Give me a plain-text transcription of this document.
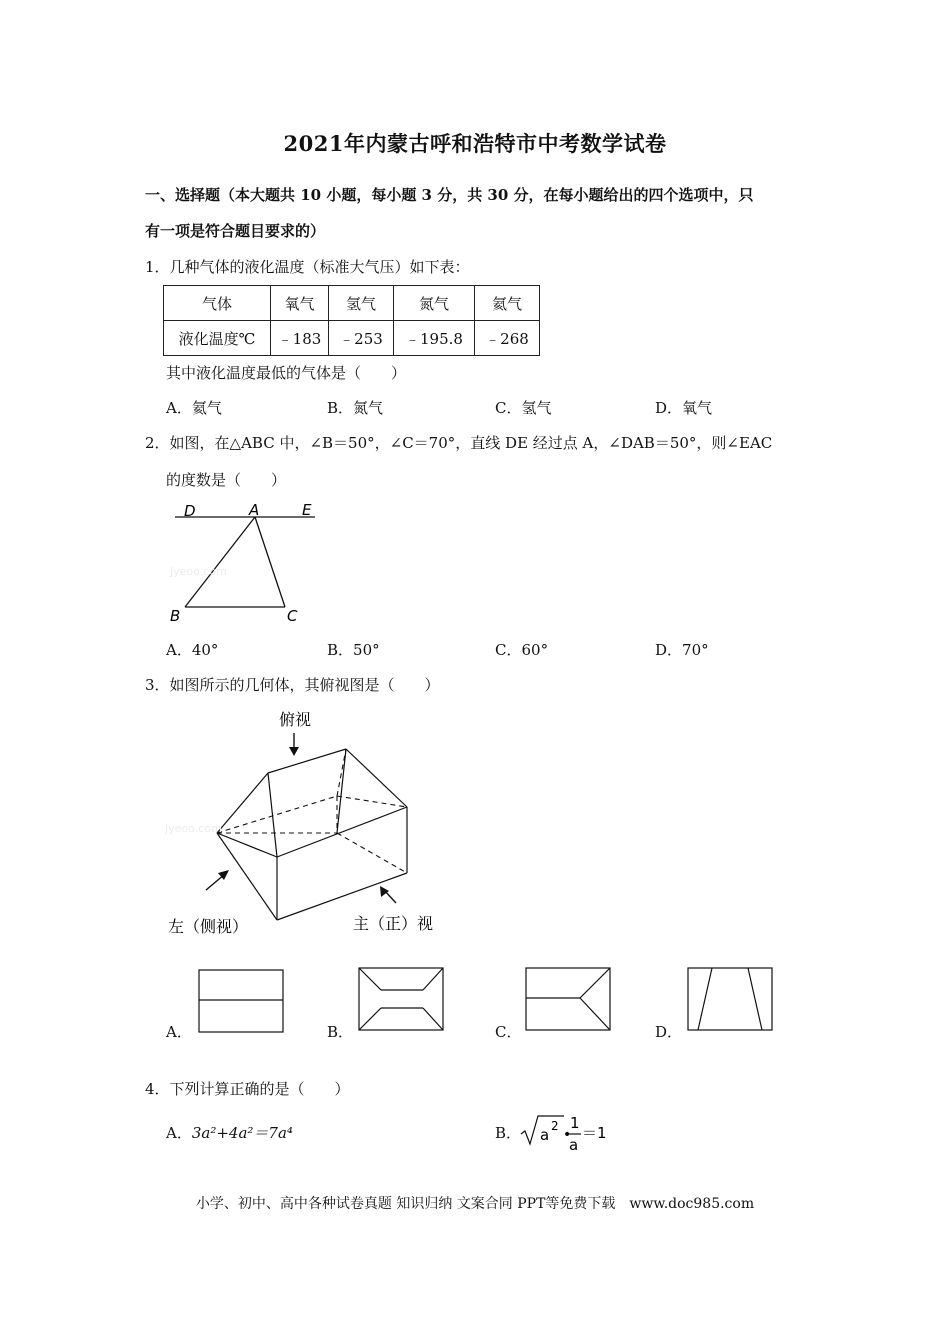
2021年内蒙古呼和浩特市中考数学试卷
一、选择题（本大题共 10 小题，每小题 3 分，共 30 分，在每小题给出的四个选项中，只
有一项是符合题目要求的）
1．几种气体的液化温度（标准大气压）如下表：
气体	氧气	氢气	氮气	氦气
液化温度℃	﹣183	﹣253	﹣195.8	﹣268
其中液化温度最低的气体是（　　）
A．氦气	B．氮气	C．氢气	D．氧气
2．如图，在△ABC 中，∠B＝50°，∠C＝70°，直线 DE 经过点 A，∠DAB＝50°，则∠EAC
的度数是（　　）
D	A	E
B	C
Jyeoo.com
A．40°	B．50°	C．60°	D．70°
3．如图所示的几何体，其俯视图是（　　）
俯视
Jyeoo.com
左（侧视）	主（正）视
A．	B．	C．	D．
4．下列计算正确的是（　　）
A．3a²+4a²＝7a⁴	B． a 2
•
1
a
＝1
小学、初中、高中各种试卷真题 知识归纳 文案合同 PPT等免费下载　www.doc985.com
